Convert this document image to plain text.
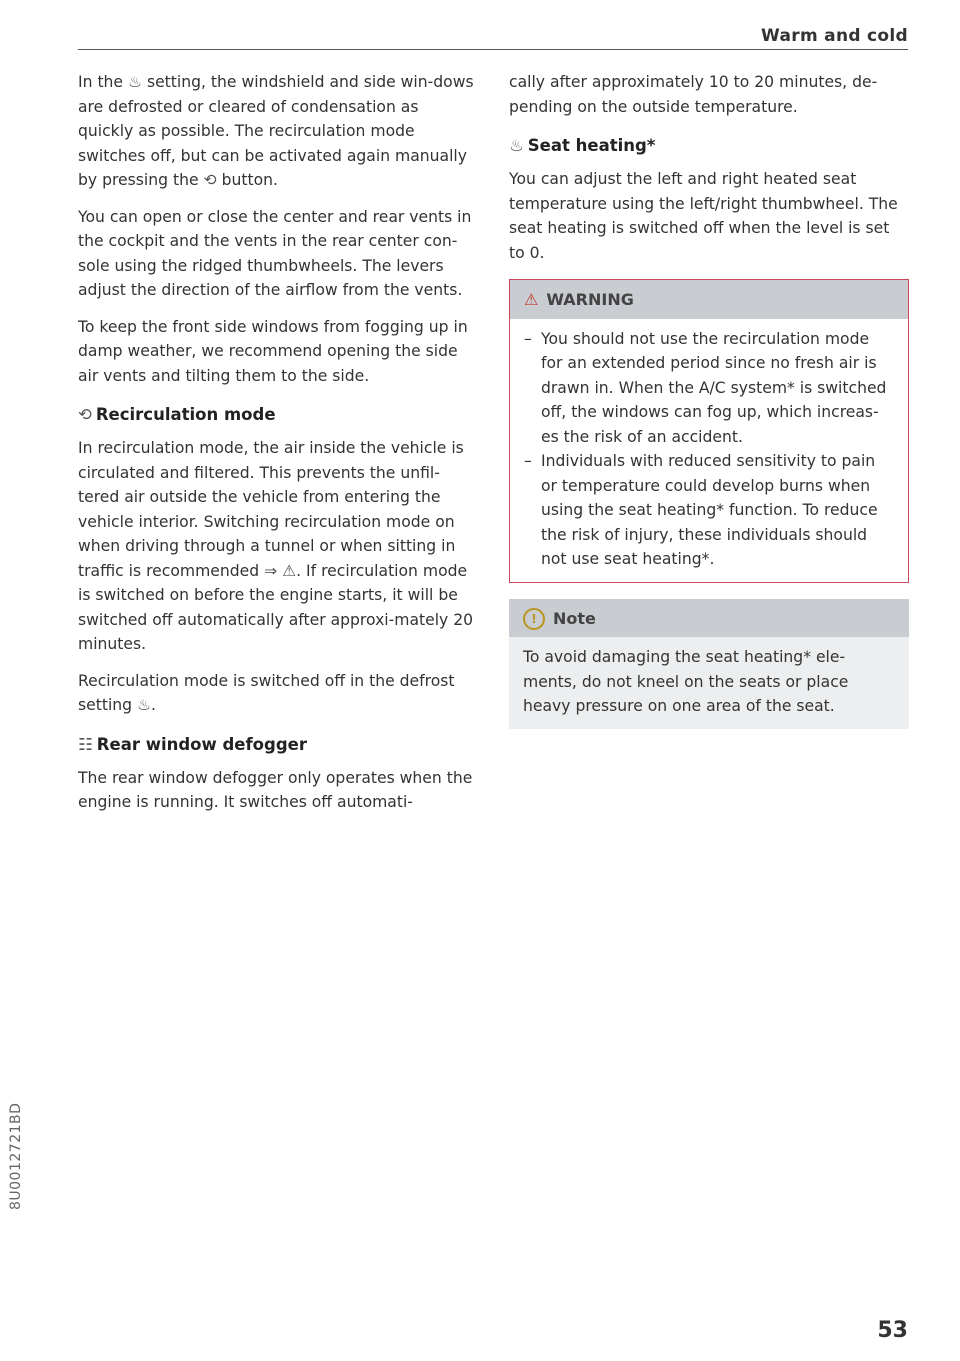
Warm and cold

In the ♨ setting, the windshield and side win-dows are defrosted or cleared of condensation as quickly as possible. The recirculation mode switches off, but can be activated again manually by pressing the ⟲ button.

You can open or close the center and rear vents in the cockpit and the vents in the rear center con-sole using the ridged thumbwheels. The levers adjust the direction of the airflow from the vents.

To keep the front side windows from fogging up in damp weather, we recommend opening the side air vents and tilting them to the side.

⟲ Recirculation mode

In recirculation mode, the air inside the vehicle is circulated and filtered. This prevents the unfil-tered air outside the vehicle from entering the vehicle interior. Switching recirculation mode on when driving through a tunnel or when sitting in traffic is recommended ⇒ ⚠. If recirculation mode is switched on before the engine starts, it will be switched off automatically after approxi-mately 20 minutes.

Recirculation mode is switched off in the defrost setting ♨.

☷ Rear window defogger

The rear window defogger only operates when the engine is running. It switches off automati-

cally after approximately 10 to 20 minutes, de-pending on the outside temperature.

♨ Seat heating*

You can adjust the left and right heated seat temperature using the left/right thumbwheel. The seat heating is switched off when the level is set to 0.

⚠ WARNING
– You should not use the recirculation mode for an extended period since no fresh air is drawn in. When the A/C system* is switched off, the windows can fog up, which increas-es the risk of an accident.
– Individuals with reduced sensitivity to pain or temperature could develop burns when using the seat heating* function. To reduce the risk of injury, these individuals should not use seat heating*.
! Note
To avoid damaging the seat heating* ele-ments, do not kneel on the seats or place heavy pressure on one area of the seat.
8U0012721BD
53
